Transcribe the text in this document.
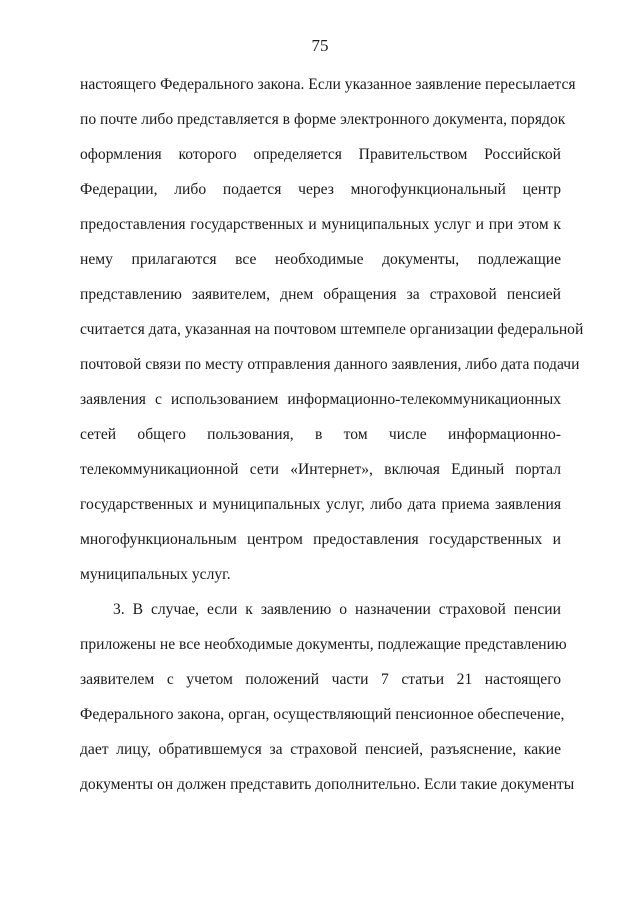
75
настоящего Федерального закона. Если указанное заявление пересылается
по почте либо представляется в форме электронного документа, порядок
оформления которого определяется Правительством Российской
Федерации, либо подается через многофункциональный центр
предоставления государственных и муниципальных услуг и при этом к
нему прилагаются все необходимые документы, подлежащие
представлению заявителем, днем обращения за страховой пенсией
считается дата, указанная на почтовом штемпеле организации федеральной
почтовой связи по месту отправления данного заявления, либо дата подачи
заявления с использованием информационно-телекоммуникационных
сетей общего пользования, в том числе информационно-
телекоммуникационной сети «Интернет», включая Единый портал
государственных и муниципальных услуг, либо дата приема заявления
многофункциональным центром предоставления государственных и
муниципальных услуг.
3. В случае, если к заявлению о назначении страховой пенсии
приложены не все необходимые документы, подлежащие представлению
заявителем с учетом положений части 7 статьи 21 настоящего
Федерального закона, орган, осуществляющий пенсионное обеспечение,
дает лицу, обратившемуся за страховой пенсией, разъяснение, какие
документы он должен представить дополнительно. Если такие документы
